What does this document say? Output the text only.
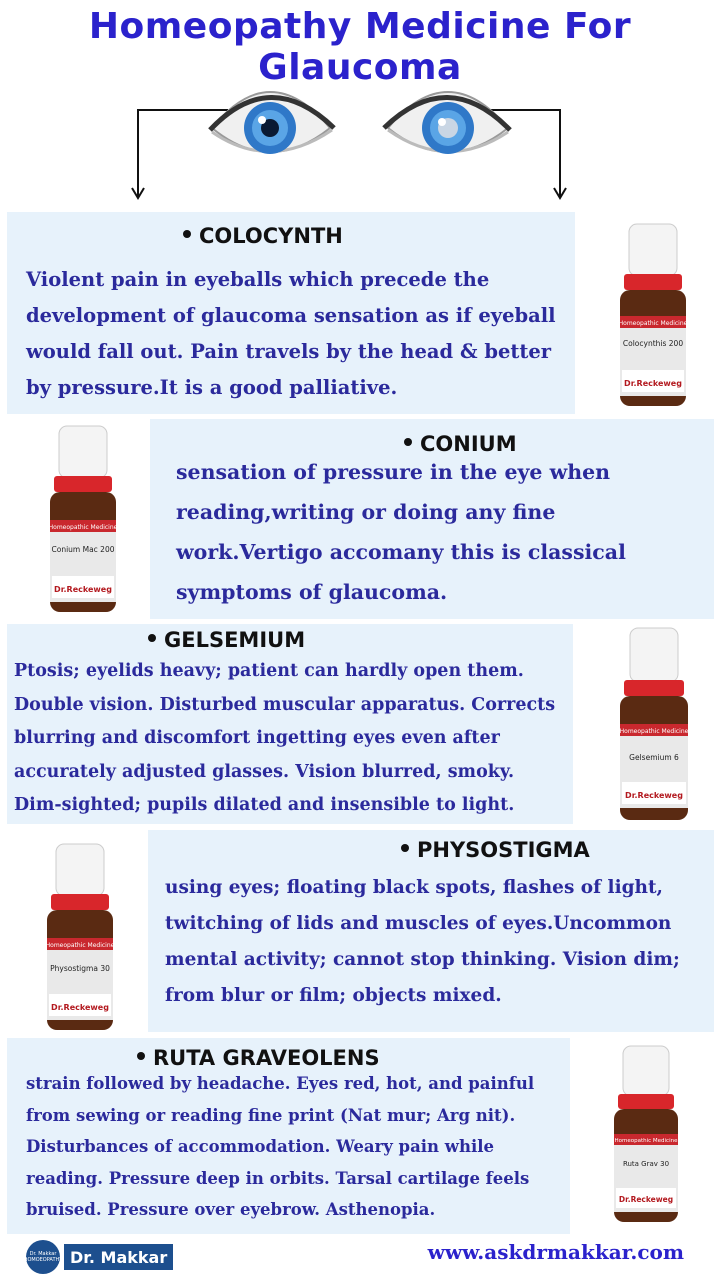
Homeopathy Medicine For Glaucoma
COLOCYNTH
Violent pain in eyeballs which precede the
development of glaucoma sensation as if eyeball
would fall out. Pain travels by the head & better
by pressure.It is a good palliative.
Homeopathic Medicine
Colocynthis 200
Dr.Reckeweg
CONIUM
sensation of pressure in the eye when
reading,writing or doing any fine
work.Vertigo accomany this is classical
symptoms of glaucoma.
Homeopathic Medicine
Conium Mac 200
Dr.Reckeweg
GELSEMIUM
Ptosis; eyelids heavy; patient can hardly open them.
Double vision. Disturbed muscular apparatus. Corrects
blurring and discomfort ingetting eyes even after
accurately adjusted glasses. Vision blurred, smoky.
Dim-sighted; pupils dilated and insensible to light.
Homeopathic Medicine
Gelsemium 6
Dr.Reckeweg
PHYSOSTIGMA
using eyes; floating black spots, flashes of light,
twitching of lids and muscles of eyes.Uncommon
mental activity; cannot stop thinking. Vision dim;
from blur or film; objects mixed.
Homeopathic Medicine
Physostigma 30
Dr.Reckeweg
RUTA GRAVEOLENS
strain followed by headache. Eyes red, hot, and painful
from sewing or reading fine print (Nat mur; Arg nit).
Disturbances of accommodation. Weary pain while
reading. Pressure deep in orbits. Tarsal cartilage feels
bruised. Pressure over eyebrow. Asthenopia.
Homeopathic Medicine
Ruta Grav 30
Dr.Reckeweg
Dr. Makkar HOMOEOPATHY Dr. Makkar	www.askdrmakkar.com
